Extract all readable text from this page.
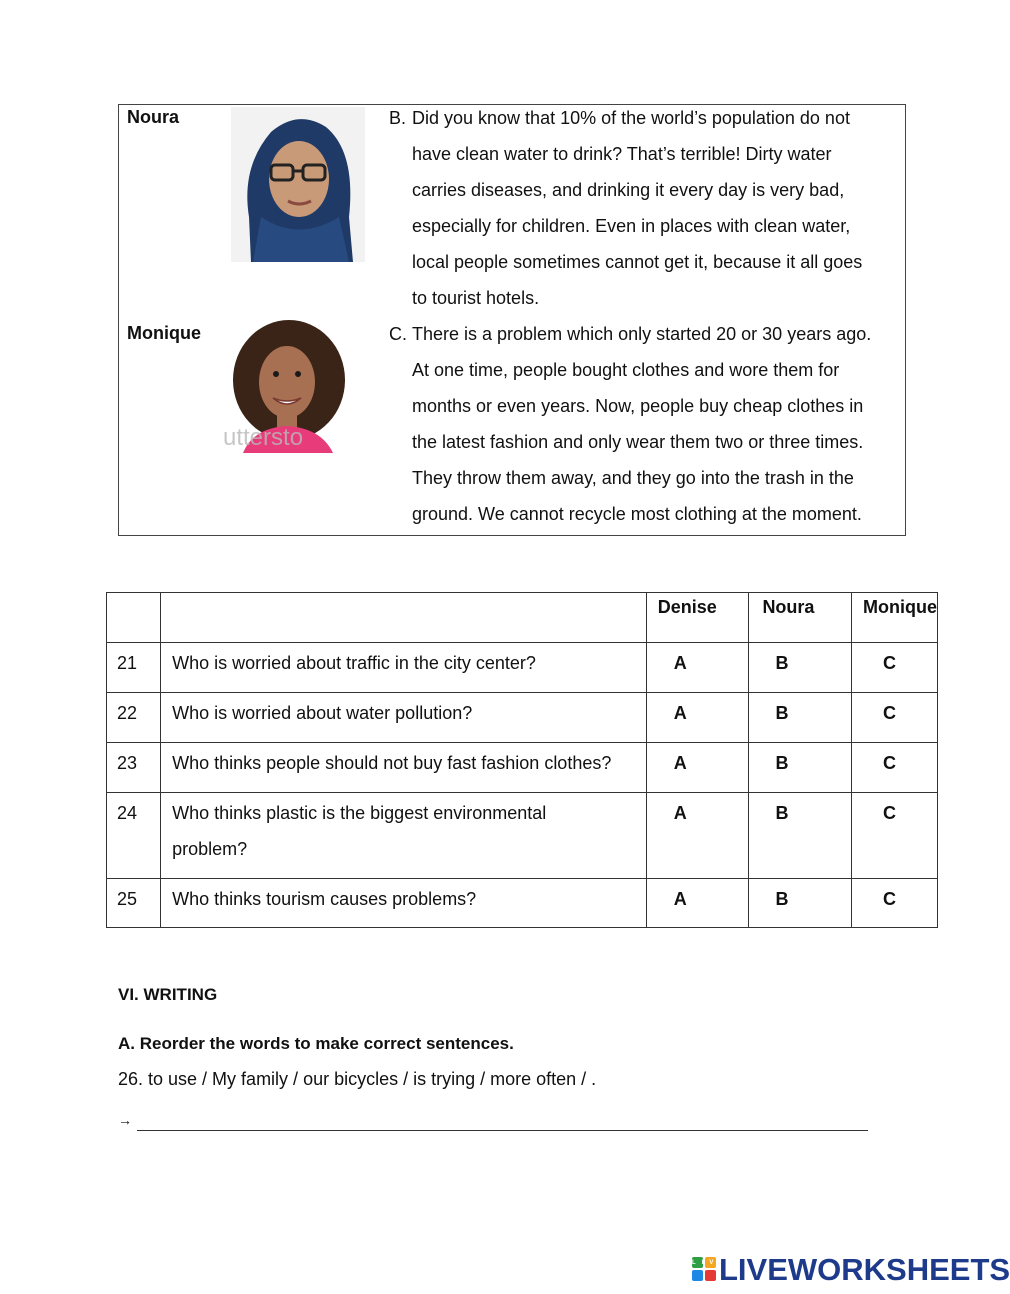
Noura	B. Did you know that 10% of the world’s population do not
have clean water to drink? That’s terrible! Dirty water
carries diseases, and drinking it every day is very bad,
especially for children. Even in places with clean water,
local people sometimes cannot get it, because it all goes
to tourist hotels.
Monique
utterstо
C. There is a problem which only started 20 or 30 years ago.
At one time, people bought clothes and wore them for
months or even years. Now, people buy cheap clothes in
the latest fashion and only wear them two or three times.
They throw them away, and they go into the trash in the
ground. We cannot recycle most clothing at the moment.
		Denise	Noura	Monique
21	Who is worried about traffic in the city center?	A	B	C
22	Who is worried about water pollution?	A	B	C
23	Who thinks people should not buy fast fashion clothes?	A	B	C
24	Who thinks plastic is the biggest environmental
problem?	A	B	C
25	Who thinks tourism causes problems?	A	B	C
VI. WRITING
A. Reorder the words to make correct sentences.
26. to use / My family / our bicycles / is trying / more often / .
→
LIVE
LIVEWORKSHEETS
